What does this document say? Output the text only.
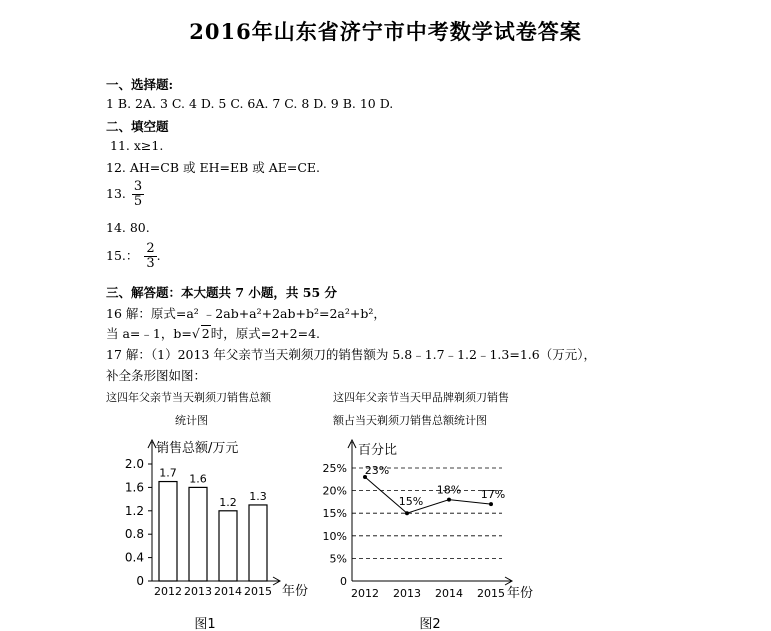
2016年山东省济宁市中考数学试卷答案
一、选择题:
1 B. 2A. 3 C. 4 D. 5 C. 6A. 7 C. 8 D. 9 B. 10 D.
二、填空题
11. x≥1.
12. AH=CB 或 EH=EB 或 AE=CE.
13. $\frac{3}{5}$
14. 80.
15.： $\frac{2}{3}$ .
三、解答题：本大题共 7 小题，共 55 分
16 解：原式=a² ﹣2ab+a²+2ab+b²=2a²+b²，
当 a=﹣1，b=√ 2时，原式=2+2=4.
17 解：（1）2013 年父亲节当天剃须刀的销售额为 5.8﹣1.7﹣1.2﹣1.3=1.6（万元），
补全条形图如图：
这四年父亲节当天剃须刀销售总额
统计图
这四年父亲节当天甲品牌剃须刀销售
额占当天剃须刀销售总额统计图
销售总额/万元
年份
0
0.4
0.8
1.2
1.6
2.0
1.7
2012
1.6
2013
1.2
2014
1.3
2015
图1
百分比
年份
0
5%
10%
15%
20%
25% 23%
2012
15%
2013
18%
2014
17%
2015
图2
